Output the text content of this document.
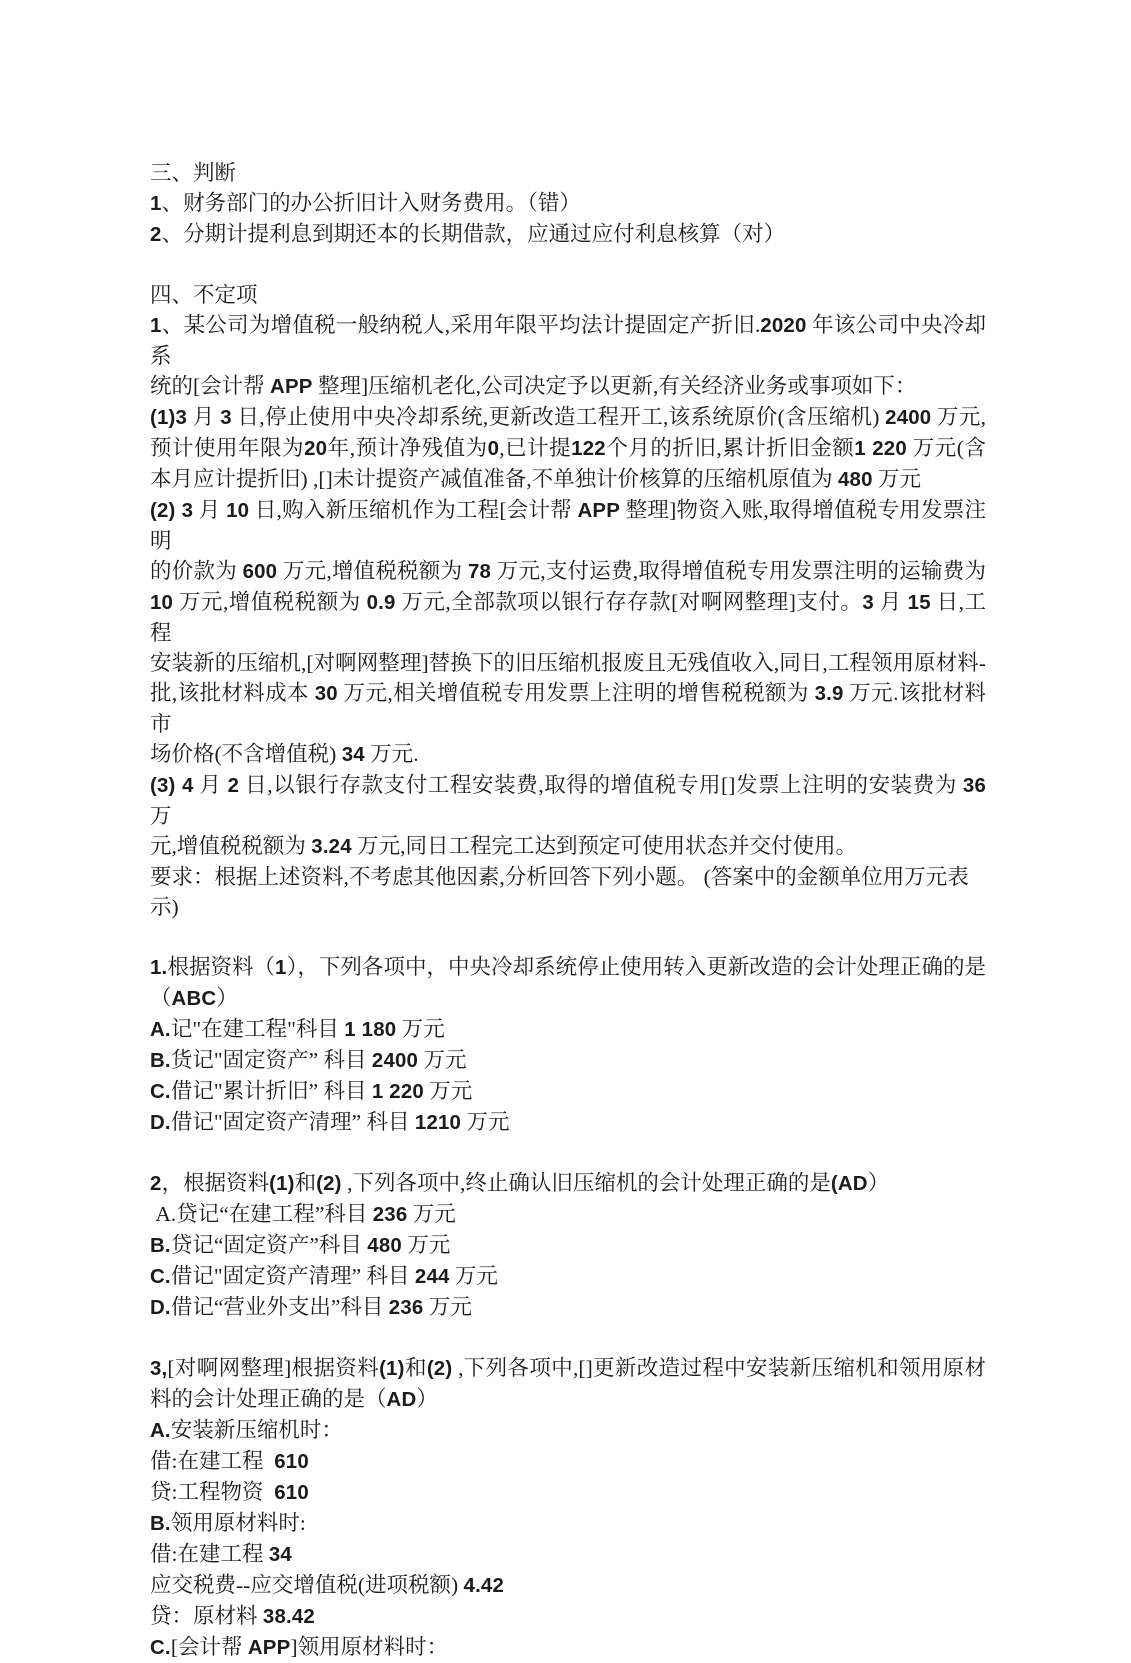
三、判断
1、财务部门的办公折旧计入财务费用。（错）
2、分期计提利息到期还本的长期借款，应通过应付利息核算（对）
四、不定项
1、某公司为增值税一般纳税人,采用年限平均法计提固定产折旧.2020 年该公司中央冷却系
统的[会计帮 APP 整理]压缩机老化,公司决定予以更新,有关经济业务或事项如下：
(1)3 月 3 日,停止使用中央冷却系统,更新改造工程开工,该系统原价(含压缩机) 2400 万元,
预计使用年限为20年,预计净残值为0,已计提122个月的折旧,累计折旧金额1 220 万元(含
本月应计提折旧) ,[]未计提资产减值准备,不单独计价核算的压缩机原值为 480 万元
(2) 3 月 10 日,购入新压缩机作为工程[会计帮 APP 整理]物资入账,取得增值税专用发票注明
的价款为 600 万元,增值税税额为 78 万元,支付运费,取得增值税专用发票注明的运输费为
10 万元,增值税税额为 0.9 万元,全部款项以银行存存款[对啊网整理]支付。3 月 15 日,工程
安装新的压缩机,[对啊网整理]替换下的旧压缩机报废且无残值收入,同日,工程领用原材料-
批,该批材料成本 30 万元,相关增值税专用发票上注明的增售税税额为 3.9 万元.该批材料市
场价格(不含增值税) 34 万元.
(3) 4 月 2 日,以银行存款支付工程安装费,取得的增值税专用[]发票上注明的安装费为 36 万
元,增值税税额为 3.24 万元,同日工程完工达到预定可使用状态并交付使用。
要求：根据上述资料,不考虑其他因素,分析回答下列小题。 (答案中的金额单位用万元表示)
1.根据资料（1），下列各项中，中央冷却系统停止使用转入更新改造的会计处理正确的是
（ABC）
A.记"在建工程"科目 1 180 万元
B.货记"固定资产” 科目 2400 万元
C.借记"累计折旧” 科目 1 220 万元
D.借记"固定资产清理” 科目 1210 万元
2，根据资料(1)和(2) ,下列各项中,终止确认旧压缩机的会计处理正确的是(AD）
A.贷记“在建工程”科目 236 万元
B.贷记“固定资产”科目 480 万元
C.借记"固定资产清理” 科目 244 万元
D.借记“营业外支出”科目 236 万元
3,[对啊网整理]根据资料(1)和(2) ,下列各项中,[]更新改造过程中安装新压缩机和领用原材
料的会计处理正确的是（AD）
A.安装新压缩机时：
借:在建工程  610
贷:工程物资  610
B.领用原材料时:
借:在建工程 34
应交税费--应交增值税(进项税额) 4.42
贷：原材料 38.42
C.[会计帮 APP]领用原材料时：
